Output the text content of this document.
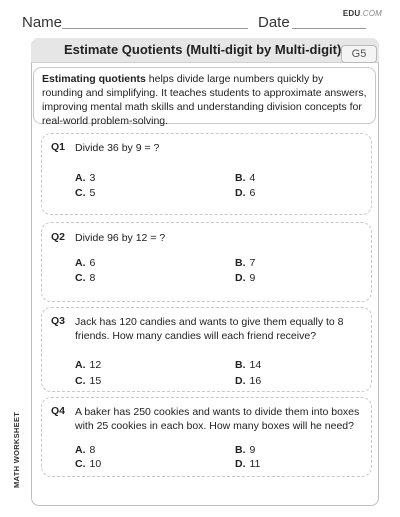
Name	Date
EDU.COM
Estimate Quotients (Multi-digit by Multi-digit) G5
Estimating quotients helps divide large numbers quickly by rounding and simplifying. It teaches students to approximate answers, improving mental math skills and understanding division concepts for real-world problem-solving.
Q1 Divide 36 by 9 = ?
A. 3	B. 4
C. 5	D. 6
Q2 Divide 96 by 12 = ?
A. 6	B. 7
C. 8	D. 9
Q3 Jack has 120 candies and wants to give them equally to 8 friends. How many candies will each friend receive?
A. 12	B. 14
C. 15	D. 16
Q4 A baker has 250 cookies and wants to divide them into boxes with 25 cookies in each box. How many boxes will he need?
A. 8	B. 9
C. 10	D. 11
MATH WORKSHEET
